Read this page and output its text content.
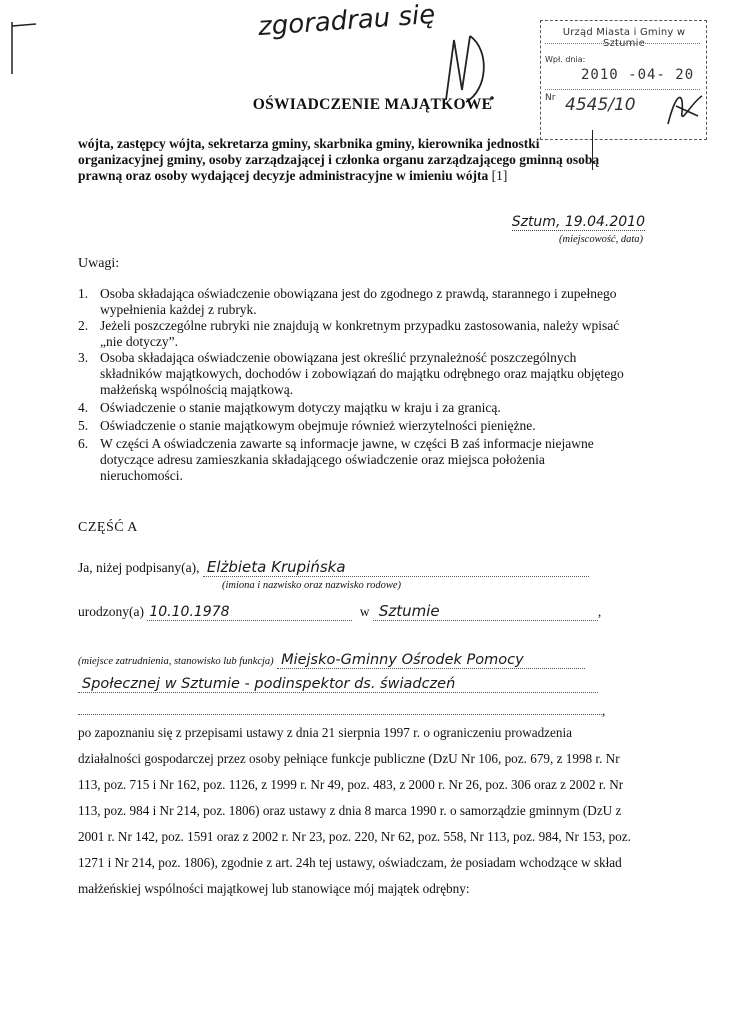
zgoradrau się	Urząd Miasta i Gminy w Sztumie
Wpł. dnia:
2010 -04- 20
Nr 4545/10
OŚWIADCZENIE MAJĄTKOWE
wójta, zastępcy wójta, sekretarza gminy, skarbnika gminy, kierownika jednostki organizacyjnej gminy, osoby zarządzającej i członka organu zarządzającego gminną osobą prawną oraz osoby wydającej decyzje administracyjne w imieniu wójta [1]
Sztum, 19.04.2010
(miejscowość, data)
Uwagi:
1. Osoba składająca oświadczenie obowiązana jest do zgodnego z prawdą, starannego i zupełnego wypełnienia każdej z rubryk.
2. Jeżeli poszczególne rubryki nie znajdują w konkretnym przypadku zastosowania, należy wpisać „nie dotyczy”.
3. Osoba składająca oświadczenie obowiązana jest określić przynależność poszczególnych składników majątkowych, dochodów i zobowiązań do majątku odrębnego oraz majątku objętego małżeńską wspólnością majątkową.
4. Oświadczenie o stanie majątkowym dotyczy majątku w kraju i za granicą.
5. Oświadczenie o stanie majątkowym obejmuje również wierzytelności pieniężne.
6. W części A oświadczenia zawarte są informacje jawne, w części B zaś informacje niejawne dotyczące adresu zamieszkania składającego oświadczenie oraz miejsca położenia nieruchomości.
CZĘŚĆ A
Ja, niżej podpisany(a), Elżbieta Krupińska
(imiona i nazwisko oraz nazwisko rodowe)
urodzony(a) 10.10.1978	w Sztumie	,
(miejsce zatrudnienia, stanowisko lub funkcja) Miejsko-Gminny Ośrodek Pomocy
Społecznej w Sztumie - podinspektor ds. świadczeń
,
po zapoznaniu się z przepisami ustawy z dnia 21 sierpnia 1997 r. o ograniczeniu prowadzenia działalności gospodarczej przez osoby pełniące funkcje publiczne (DzU Nr 106, poz. 679, z 1998 r. Nr 113, poz. 715 i Nr 162, poz. 1126, z 1999 r. Nr 49, poz. 483, z 2000 r. Nr 26, poz. 306 oraz z 2002 r. Nr 113, poz. 984 i Nr 214, poz. 1806) oraz ustawy z dnia 8 marca 1990 r. o samorządzie gminnym (DzU z 2001 r. Nr 142, poz. 1591 oraz z 2002 r. Nr 23, poz. 220, Nr 62, poz. 558, Nr 113, poz. 984, Nr 153, poz. 1271 i Nr 214, poz. 1806), zgodnie z art. 24h tej ustawy, oświadczam, że posiadam wchodzące w skład małżeńskiej wspólności majątkowej lub stanowiące mój majątek odrębny:
